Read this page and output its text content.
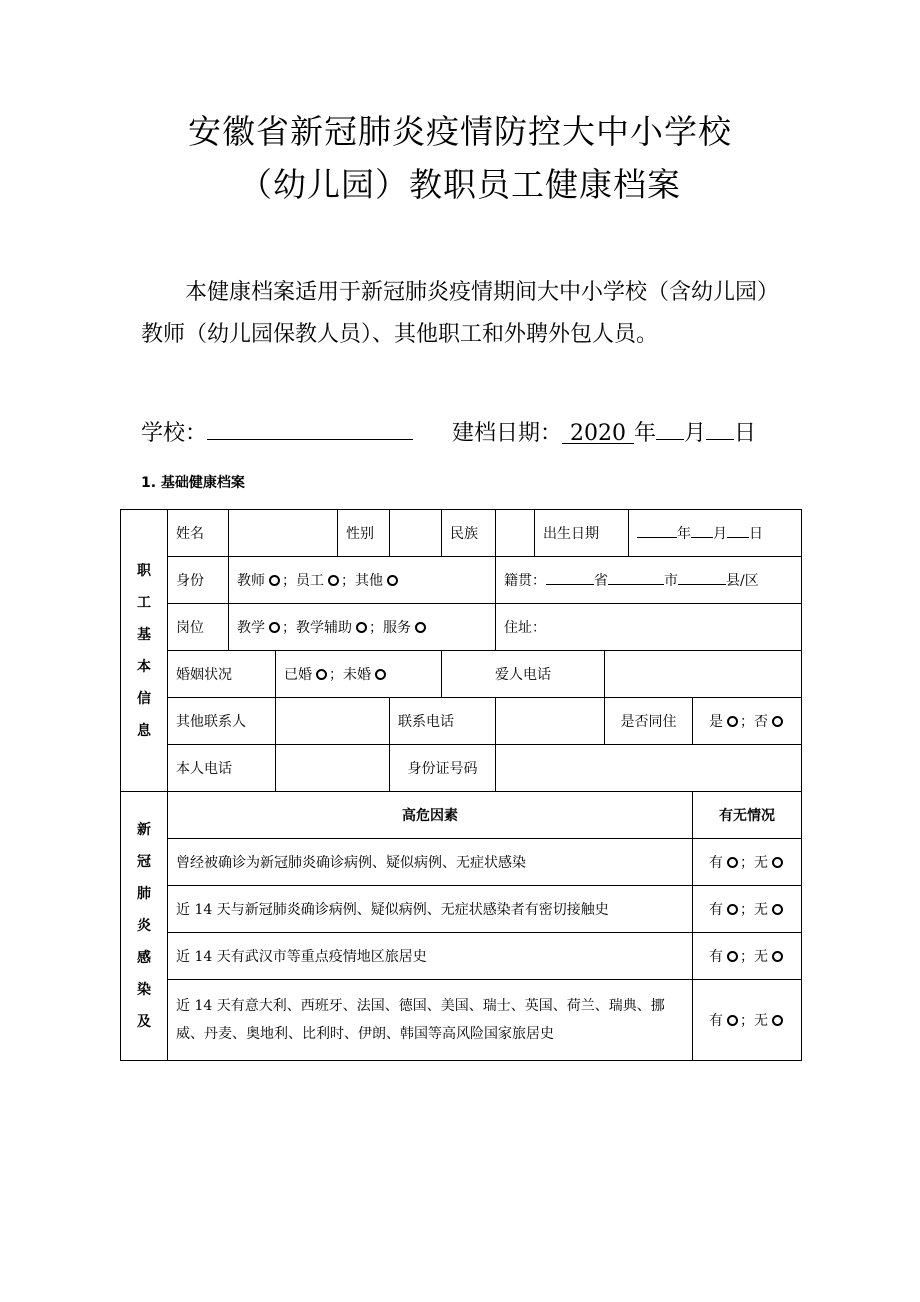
安徽省新冠肺炎疫情防控大中小学校
（幼儿园）教职员工健康档案
本健康档案适用于新冠肺炎疫情期间大中小学校（含幼儿园）教师（幼儿园保教人员）、其他职工和外聘外包人员。
学校：	建档日期： 2020 年 月 日
1. 基础健康档案
职工基本信息	姓名			性别		民族		出生日期		年 月 日	
	身份	教师 ；员工 ；其他					籍贯： 省 市 县/区				
	岗位	教学 ；教学辅助 ；服务					住址：				
	婚姻状况		已婚 ；未婚			爱人电话					
	其他联系人				联系电话				是否同住		是 ；否
	本人电话				身份证号码						

新冠肺炎感染及	高危因素										有无情况
	曾经被确诊为新冠肺炎确诊病例、疑似病例、无症状感染										有 ；无
	近 14 天与新冠肺炎确诊病例、疑似病例、无症状感染者有密切接触史										有 ；无
	近 14 天有武汉市等重点疫情地区旅居史										有 ；无
	近 14 天有意大利、西班牙、法国、德国、美国、瑞士、英国、荷兰、瑞典、挪威、丹麦、奥地利、比利时、伊朗、韩国等高风险国家旅居史										有 ；无
